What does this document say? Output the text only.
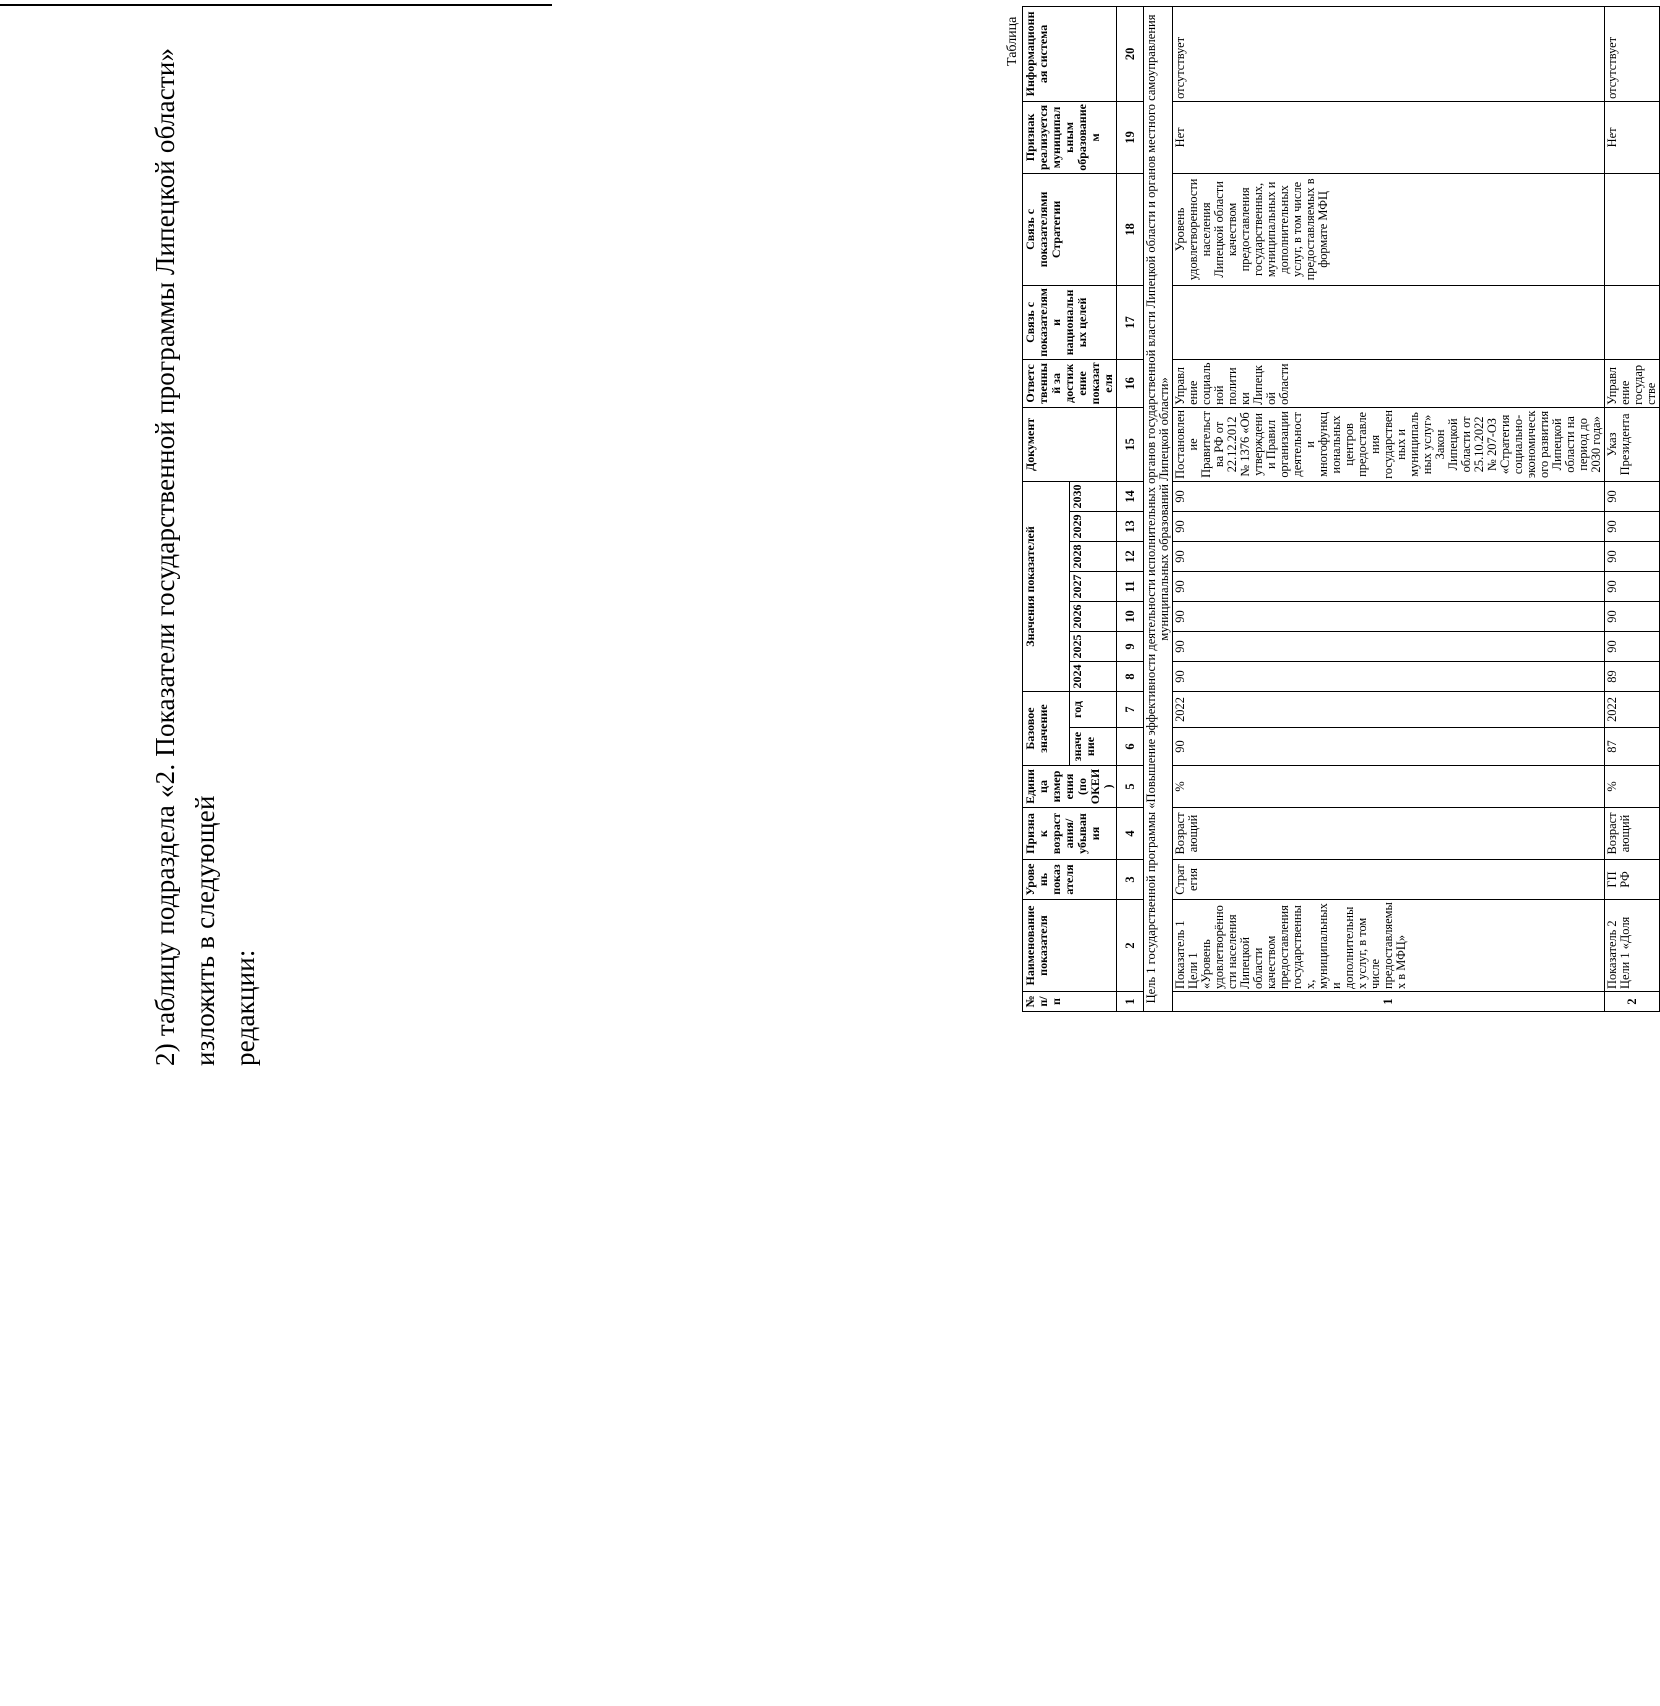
2) таблицу подраздела «2. Показатели государственной программы Липецкой области» изложить в следующей редакции:

Таблица
№ п/п	Наименование показателя	Уровень показателя	Признак возрастания/ убывания	Единица измерения (по ОКЕИ)	Базовое значение		Значения показателей							Документ	Ответственный за достижение показателя	Связь с показателями национальных целей	Связь с показателями Стратегии	Признак реализуется муниципальным образованием	Информационная система
					значение	год	2024	2025	2026	2027	2028	2029	2030						
1	2	3	4	5	6	7	8	9	10	11	12	13	14	15	16	17	18	19	20
Цель 1 государственной программы «Повышение эффективности деятельности исполнительных органов государственной власти Липецкой области и органов местного самоуправления муниципальных образований Липецкой области»																			
1	Показатель 1 Цели 1 «Уровень удовлетворённости населения Липецкой области качеством предоставления государственных, муниципальных и дополнительных услуг, в том числе предоставляемых в МФЦ»	Стратегия	Возрастающий	%	90	2022	90	90	90	90	90	90	90	Постановление Правительства РФ от 22.12.2012 № 1376 «Об утверждении Правил организации деятельности многофункциональных центров предоставления государственных и муниципальных услуг» Закон Липецкой области от 25.10.2022 № 207-ОЗ «Стратегия социально-экономического развития Липецкой области на период до 2030 года»	Управление социальной политики Липецкой области		Уровень удовлетворенности населения Липецкой области качеством предоставления государственных, муниципальных и дополнительных услуг, в том числе предоставляемых в формате МФЦ	Нет	отсутствует
2	Показатель 2 Цели 1 «Доля	ГП РФ	Возрастающий	%	87	2022	89	90	90	90	90	90	90	Указ Президента	Управление государстве			Нет	отсутствует
